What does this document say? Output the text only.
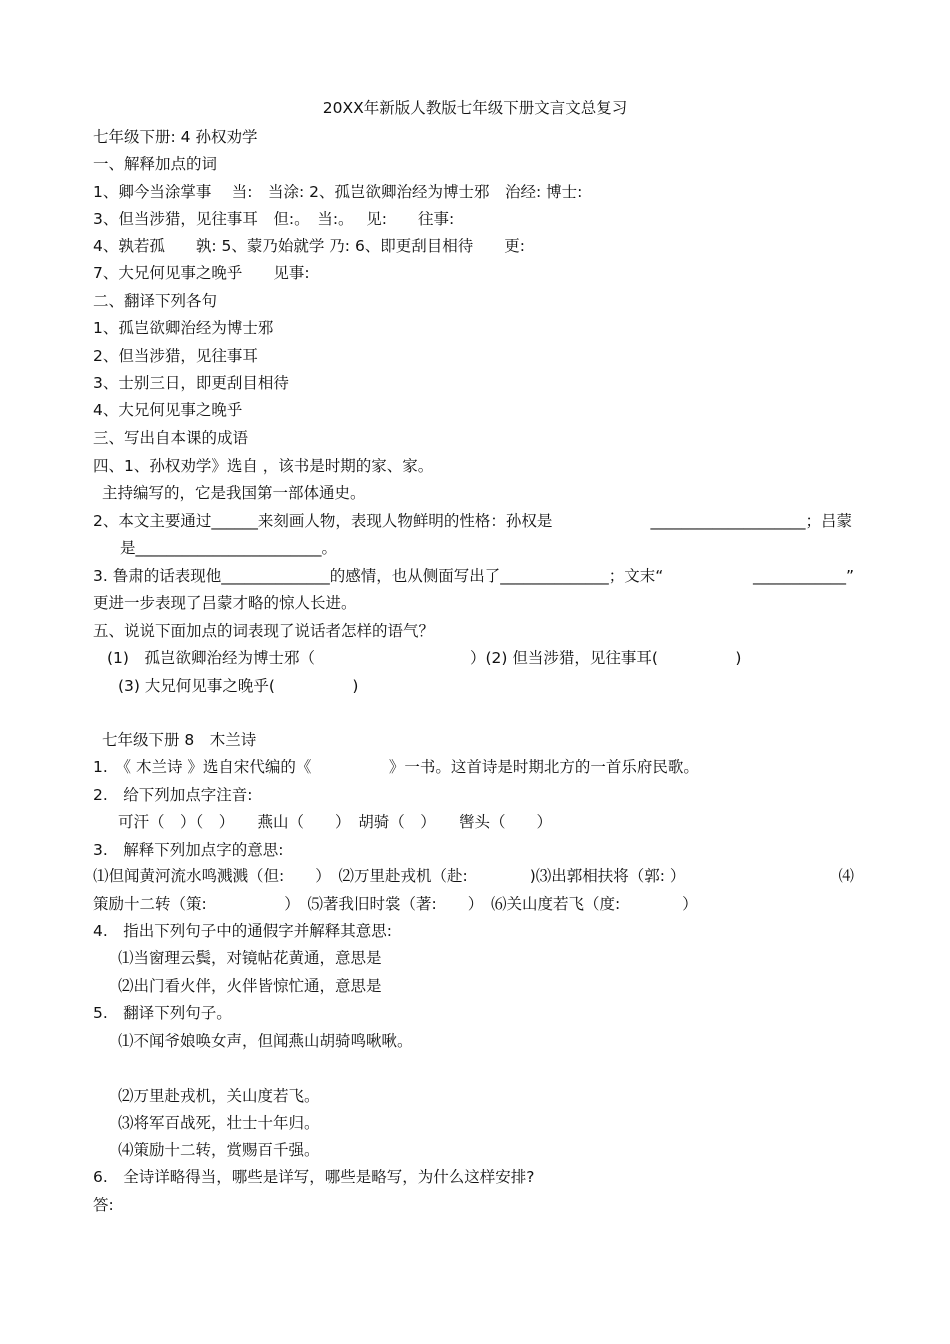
20XX年新版人教版七年级下册文言文总复习
七年级下册: 4 孙权劝学
一、解释加点的词
1、卿今当涂掌事　 当:　当涂: 2、孤岂欲卿治经为博士邪　治经: 博士:
3、但当涉猎，见往事耳　但:。　当:。　 见:　　往事:
4、孰若孤　　孰: 5、蒙乃始就学 乃: 6、即更刮目相待　　更:
7、大兄何见事之晚乎　　见事:
二、翻译下列各句
1、孤岂欲卿治经为博士邪
2、但当涉猎，见往事耳
3、士别三日，即更刮目相待
4、大兄何见事之晚乎
三、写出自本课的成语
四、1、孙权劝学》选自 ，该书是时期的家、家。
主持编写的，它是我国第一部体通史。
2、本文主要通过______来刻画人物，表现人物鲜明的性格：孙权是	____________________；吕蒙
是________________________。
3. 鲁肃的话表现他______________的感情，也从侧面写出了______________；文末“	____________”
更进一步表现了吕蒙才略的惊人长进。
五、说说下面加点的词表现了说话者怎样的语气？
(1)　孤岂欲卿治经为博士邪（　　　　　　　　　　）(2) 但当涉猎，见往事耳(　　　　　)
(3) 大兄何见事之晚乎(　　　　　)
七年级下册 8　木兰诗
1.　《 木兰诗 》选自宋代编的《　　　　　》一书。这首诗是时期北方的一首乐府民歌。
2.　给下列加点字注音:
可汗（　）（　）　　燕山（　　）　胡骑（　）　　辔头（　　）
3.　解释下列加点字的意思:
⑴但闻黄河流水鸣溅溅（但:　　）　⑵万里赴戎机（赴:　　　　)⑶出郭相扶将（郭: ）	⑷
策励十二转（策:　　　　　）　⑸著我旧时裳（著:　　）　⑹关山度若飞（度:　　　　）
4.　指出下列句子中的通假字并解释其意思:
⑴当窗理云鬓，对镜帖花黄通，意思是
⑵出门看火伴，火伴皆惊忙通，意思是
5.　翻译下列句子。
⑴不闻爷娘唤女声，但闻燕山胡骑鸣啾啾。
⑵万里赴戎机，关山度若飞。
⑶将军百战死，壮士十年归。
⑷策励十二转，赏赐百千强。
6.　全诗详略得当，哪些是详写，哪些是略写，为什么这样安排?
答:
